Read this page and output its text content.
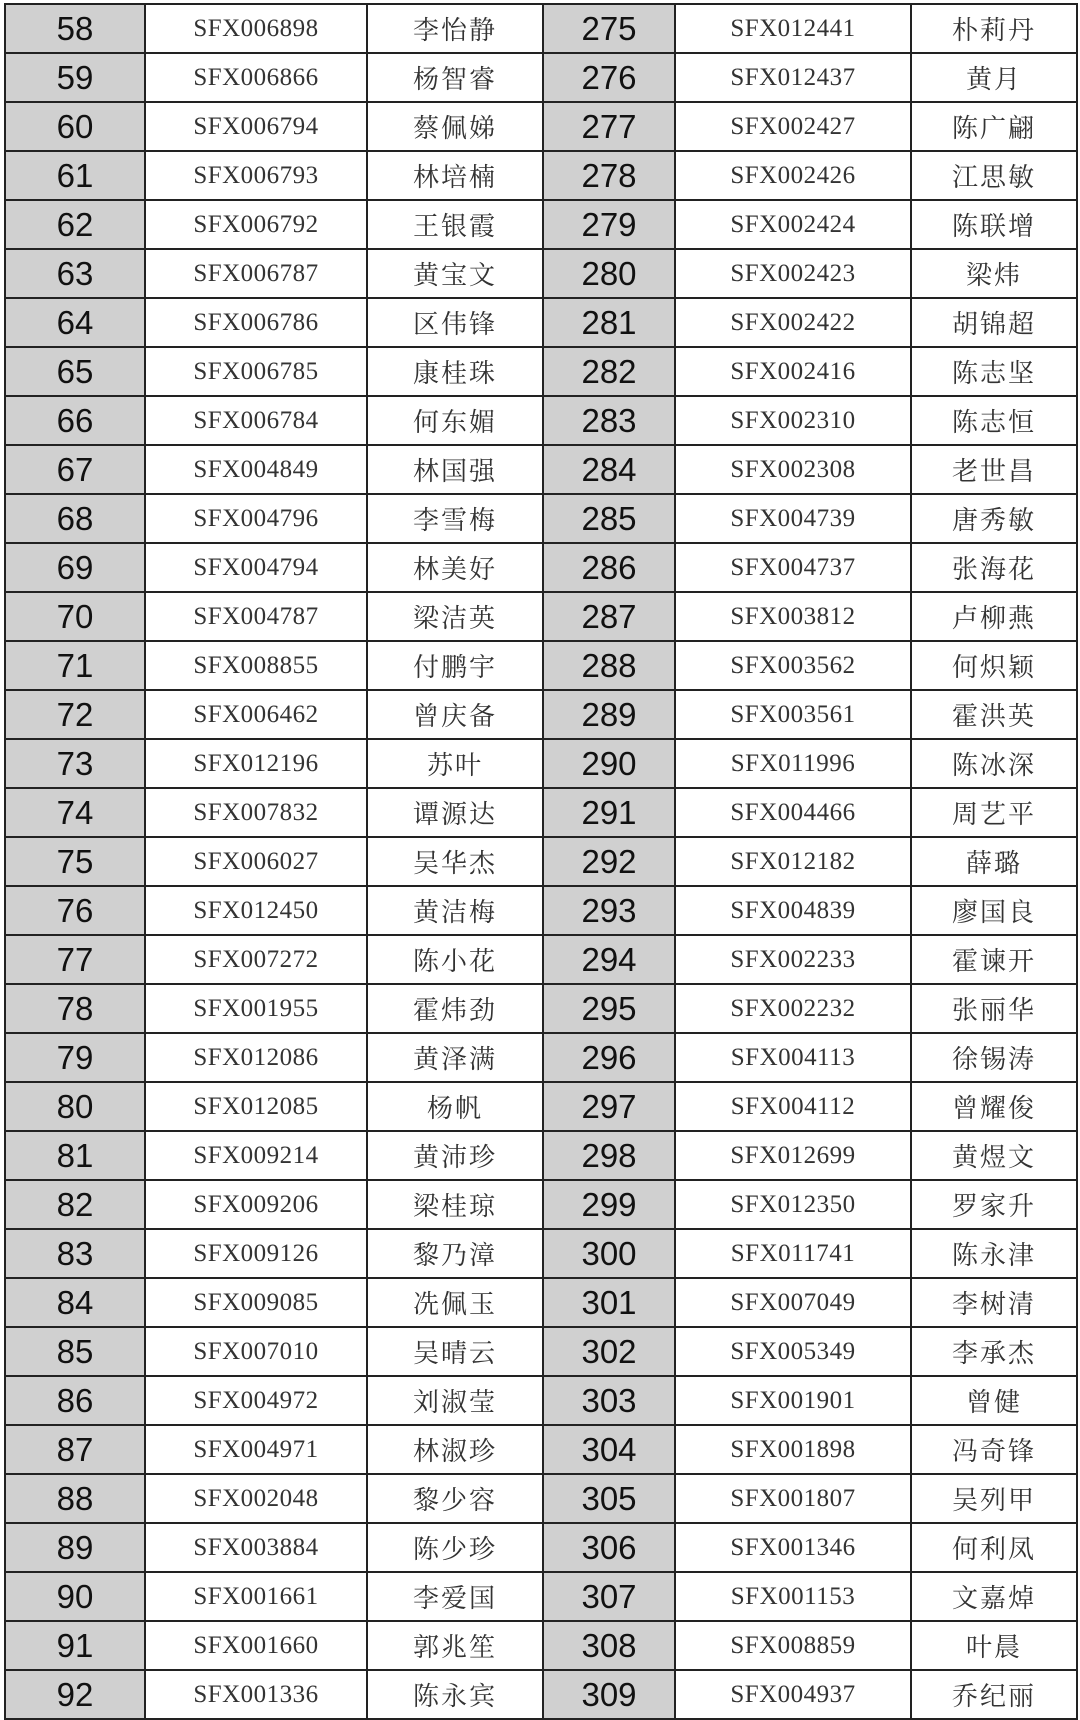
58	SFX006898	李怡静	275	SFX012441	朴莉丹
59	SFX006866	杨智睿	276	SFX012437	黄月
60	SFX006794	蔡佩娣	277	SFX002427	陈广翩
61	SFX006793	林培楠	278	SFX002426	江思敏
62	SFX006792	王银霞	279	SFX002424	陈联增
63	SFX006787	黄宝文	280	SFX002423	梁炜
64	SFX006786	区伟锋	281	SFX002422	胡锦超
65	SFX006785	康桂珠	282	SFX002416	陈志坚
66	SFX006784	何东媚	283	SFX002310	陈志恒
67	SFX004849	林国强	284	SFX002308	老世昌
68	SFX004796	李雪梅	285	SFX004739	唐秀敏
69	SFX004794	林美好	286	SFX004737	张海花
70	SFX004787	梁洁英	287	SFX003812	卢柳燕
71	SFX008855	付鹏宇	288	SFX003562	何炽颖
72	SFX006462	曾庆备	289	SFX003561	霍洪英
73	SFX012196	苏叶	290	SFX011996	陈冰深
74	SFX007832	谭源达	291	SFX004466	周艺平
75	SFX006027	吴华杰	292	SFX012182	薛璐
76	SFX012450	黄洁梅	293	SFX004839	廖国良
77	SFX007272	陈小花	294	SFX002233	霍谏开
78	SFX001955	霍炜劲	295	SFX002232	张丽华
79	SFX012086	黄泽满	296	SFX004113	徐锡涛
80	SFX012085	杨帆	297	SFX004112	曾耀俊
81	SFX009214	黄沛珍	298	SFX012699	黄煜文
82	SFX009206	梁桂琼	299	SFX012350	罗家升
83	SFX009126	黎乃漳	300	SFX011741	陈永津
84	SFX009085	冼佩玉	301	SFX007049	李树清
85	SFX007010	吴晴云	302	SFX005349	李承杰
86	SFX004972	刘淑莹	303	SFX001901	曾健
87	SFX004971	林淑珍	304	SFX001898	冯奇锋
88	SFX002048	黎少容	305	SFX001807	吴列甲
89	SFX003884	陈少珍	306	SFX001346	何利凤
90	SFX001661	李爱国	307	SFX001153	文嘉焯
91	SFX001660	郭兆笙	308	SFX008859	叶晨
92	SFX001336	陈永宾	309	SFX004937	乔纪丽
